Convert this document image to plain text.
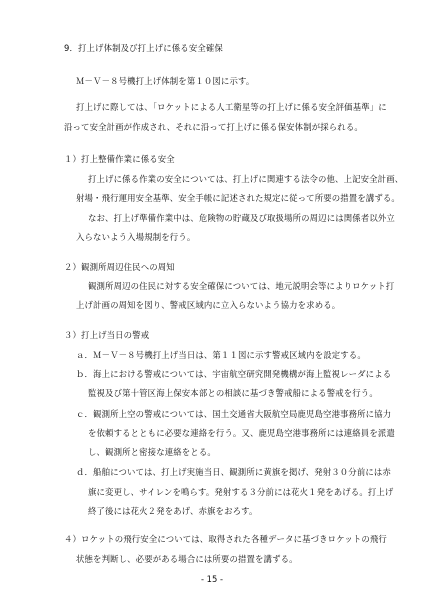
9．打上げ体制及び打上げに係る安全確保
Ｍ－Ｖ－８号機打上げ体制を第１０図に示す。
打上げに際しては、「ロケットによる人工衛星等の打上げに係る安全評価基準」に
沿って安全計画が作成され、それに沿って打上げに係る保安体制が採られる。
１）打上整備作業に係る安全
打上げに係る作業の安全については、打上げに関連する法令の他、上記安全計画、
射場・飛行運用安全基準、安全手帳に記述された規定に従って所要の措置を講ずる。
なお、打上げ準備作業中は、危険物の貯蔵及び取扱場所の周辺には関係者以外立
入らないよう入場規制を行う。
２）観測所周辺住民への周知
観測所周辺の住民に対する安全確保については、地元説明会等によりロケット打
上げ計画の周知を図り、警戒区域内に立入らないよう協力を求める。
３）打上げ当日の警戒
ａ．Ｍ－Ｖ－８号機打上げ当日は、第１１図に示す警戒区域内を設定する。
ｂ．海上における警戒については、宇宙航空研究開発機構が海上監視レーダによる
監視及び第十管区海上保安本部との相談に基づき警戒船による警戒を行う。
ｃ．観測所上空の警戒については、国土交通省大阪航空局鹿児島空港事務所に協力
を依頼するとともに必要な連絡を行う。又、鹿児島空港事務所には連絡員を派遣
し、観測所と密接な連絡をとる。
ｄ．船舶については、打上げ実施当日、観測所に黄旗を掲げ、発射３０分前には赤
旗に変更し、サイレンを鳴らす。発射する３分前には花火１発をあげる。打上げ
終了後には花火２発をあげ、赤旗をおろす。
４）ロケットの飛行安全については、取得された各種データに基づきロケットの飛行
状態を判断し、必要がある場合には所要の措置を講ずる。
- 15 -
